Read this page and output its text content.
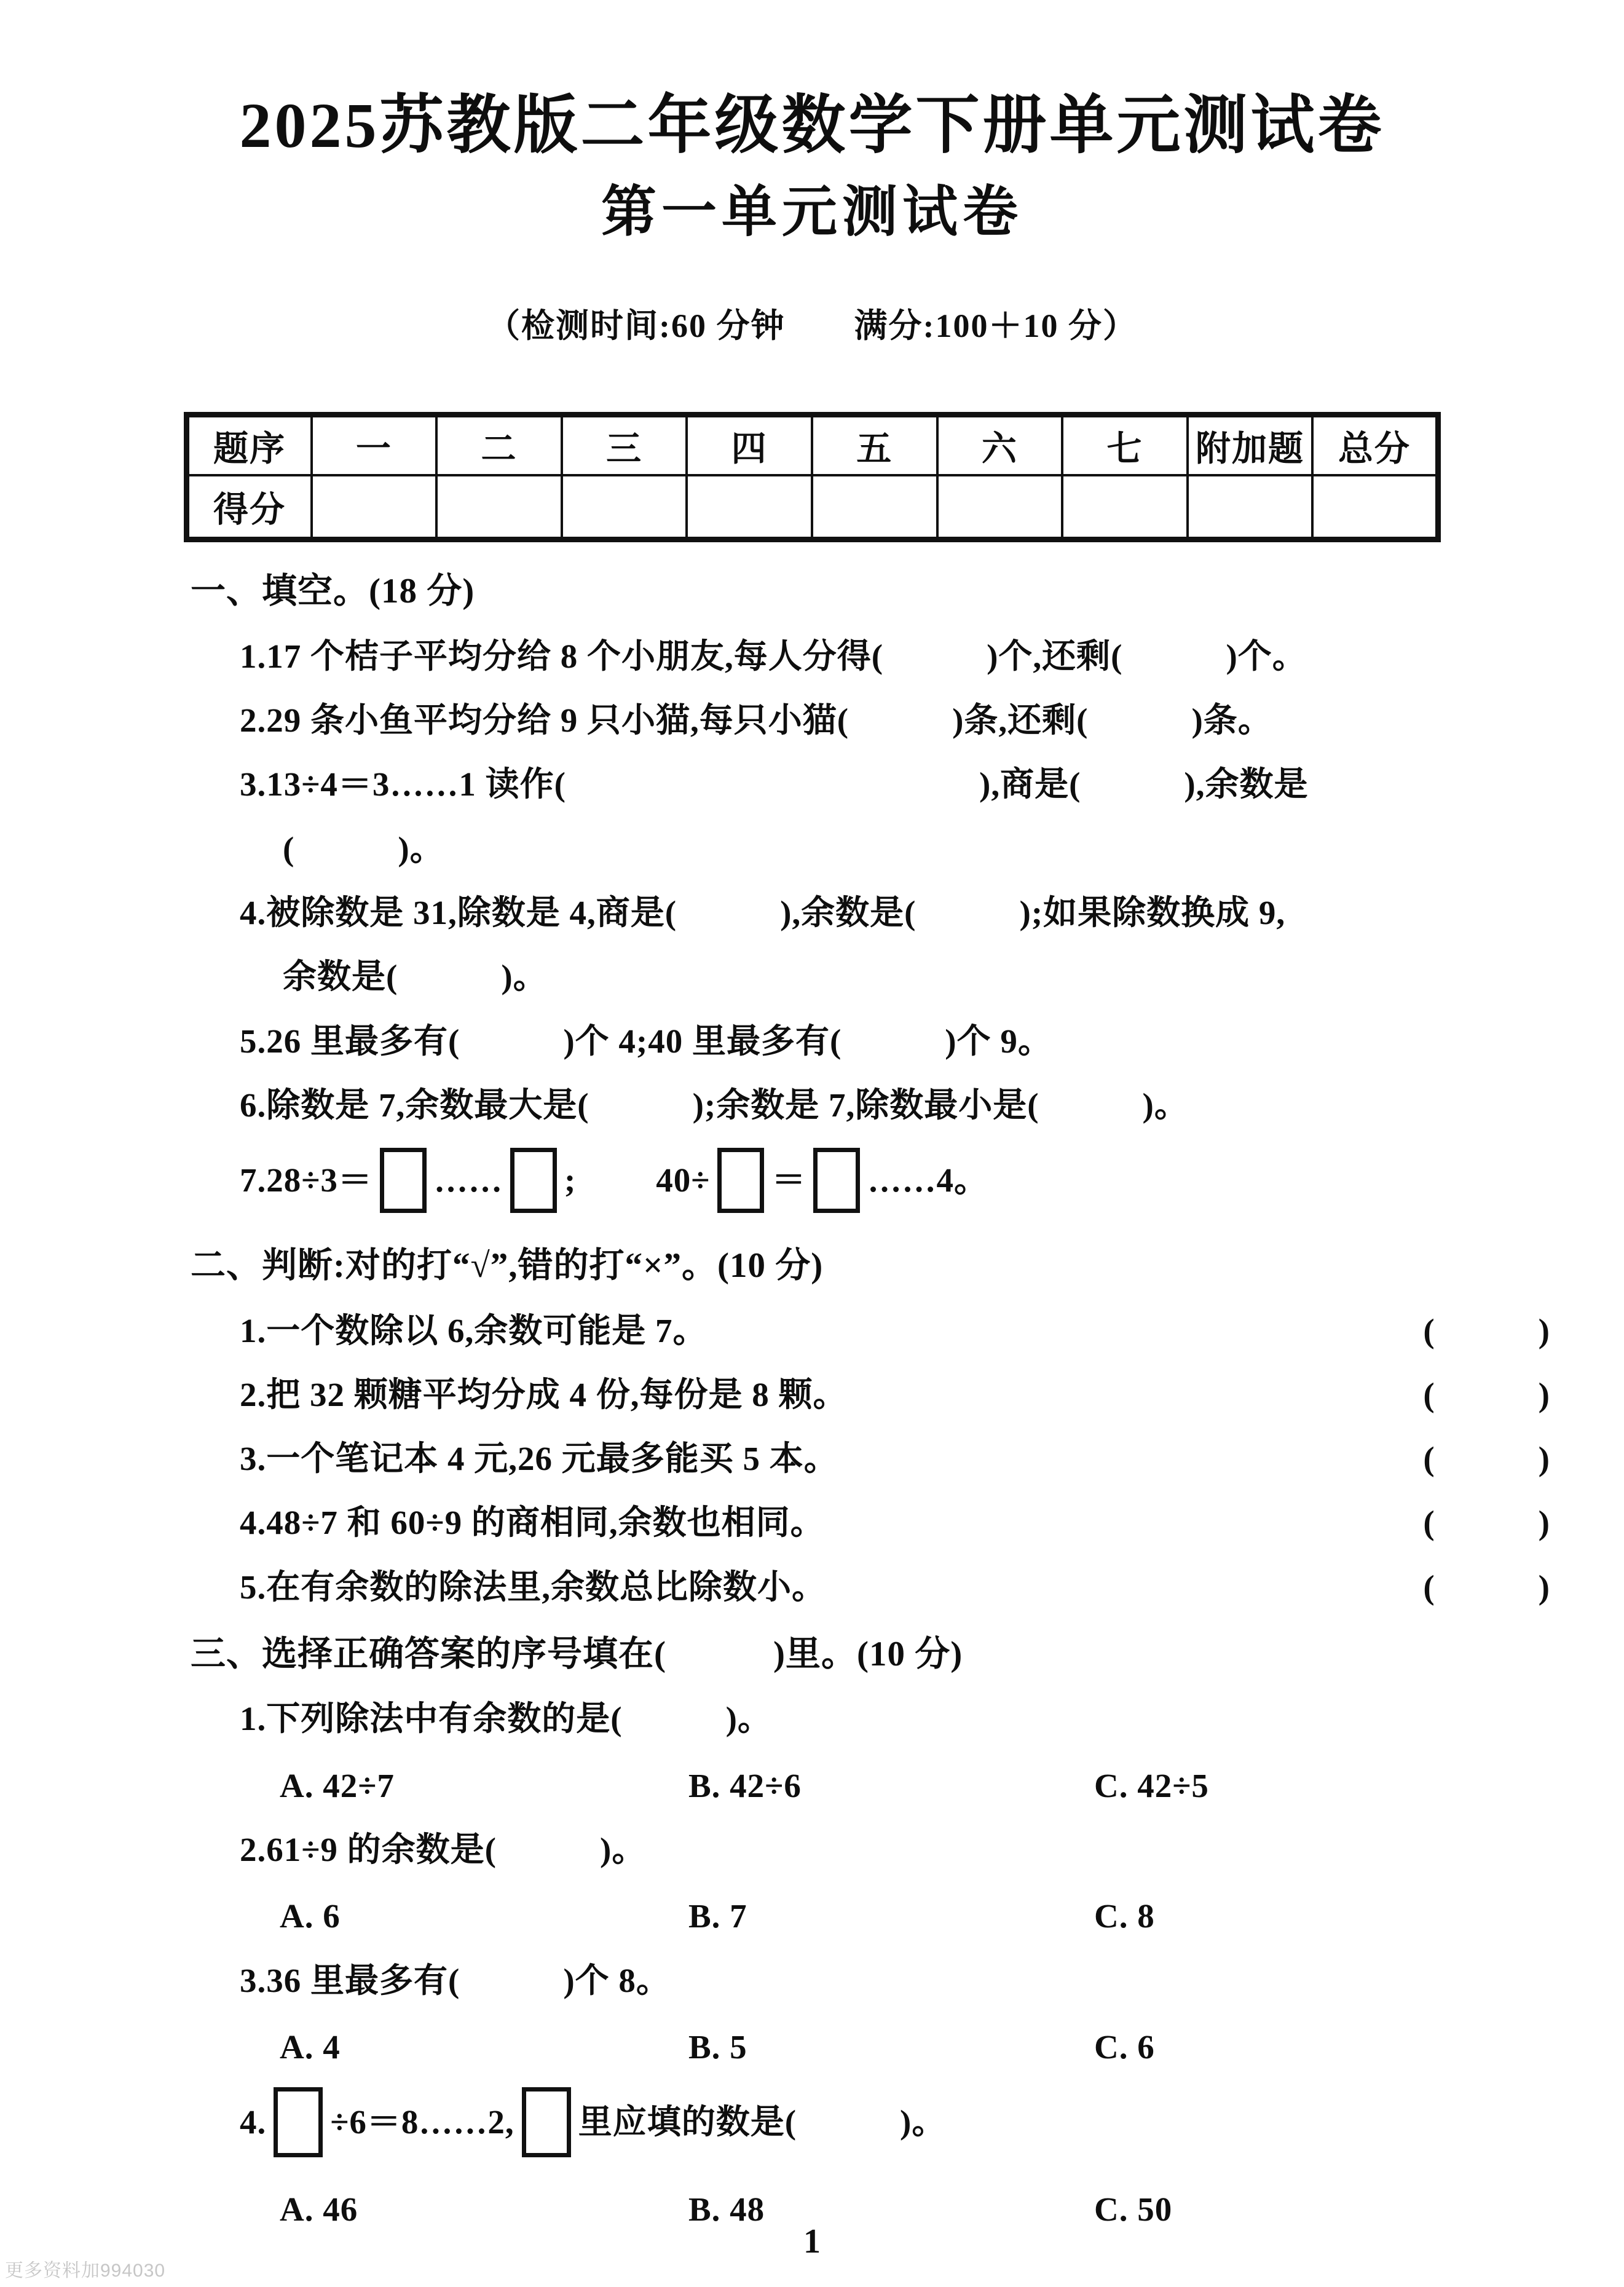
2025苏教版二年级数学下册单元测试卷
第一单元测试卷
（检测时间:60 分钟　　满分:100＋10 分）
题序	一	二	三	四	五	六	七	附加题	总分
得分									
一、填空。(18 分)
1.17 个桔子平均分给 8 个小朋友,每人分得(　　　)个,还剩(　　　)个。
2.29 条小鱼平均分给 9 只小猫,每只小猫(　　　)条,还剩(　　　)条。
3.13÷4＝3……1 读作(　　　　　　　　　　　　),商是(　　　),余数是
(　　　)。
4.被除数是 31,除数是 4,商是(　　　),余数是(　　　);如果除数换成 9,
余数是(　　　)。
5.26 里最多有(　　　)个 4;40 里最多有(　　　)个 9。
6.除数是 7,余数最大是(　　　);余数是 7,除数最小是(　　　)。
7.28÷3＝ …… ; 40÷ ＝ ……4。
二、判断:对的打“√”,错的打“×”。(10 分)
1.一个数除以 6,余数可能是 7。	(　　　)
2.把 32 颗糖平均分成 4 份,每份是 8 颗。	(　　　)
3.一个笔记本 4 元,26 元最多能买 5 本。	(　　　)
4.48÷7 和 60÷9 的商相同,余数也相同。	(　　　)
5.在有余数的除法里,余数总比除数小。	(　　　)
三、选择正确答案的序号填在(　　　)里。(10 分)
1.下列除法中有余数的是(　　　)。
A. 42÷7	B. 42÷6	C. 42÷5
2.61÷9 的余数是(　　　)。
A. 6	B. 7	C. 8
3.36 里最多有(　　　)个 8。
A. 4	B. 5	C. 6
4. ÷6＝8……2, 里应填的数是(　　　)。
A. 46	B. 48	C. 50
1
更多资料加994030
